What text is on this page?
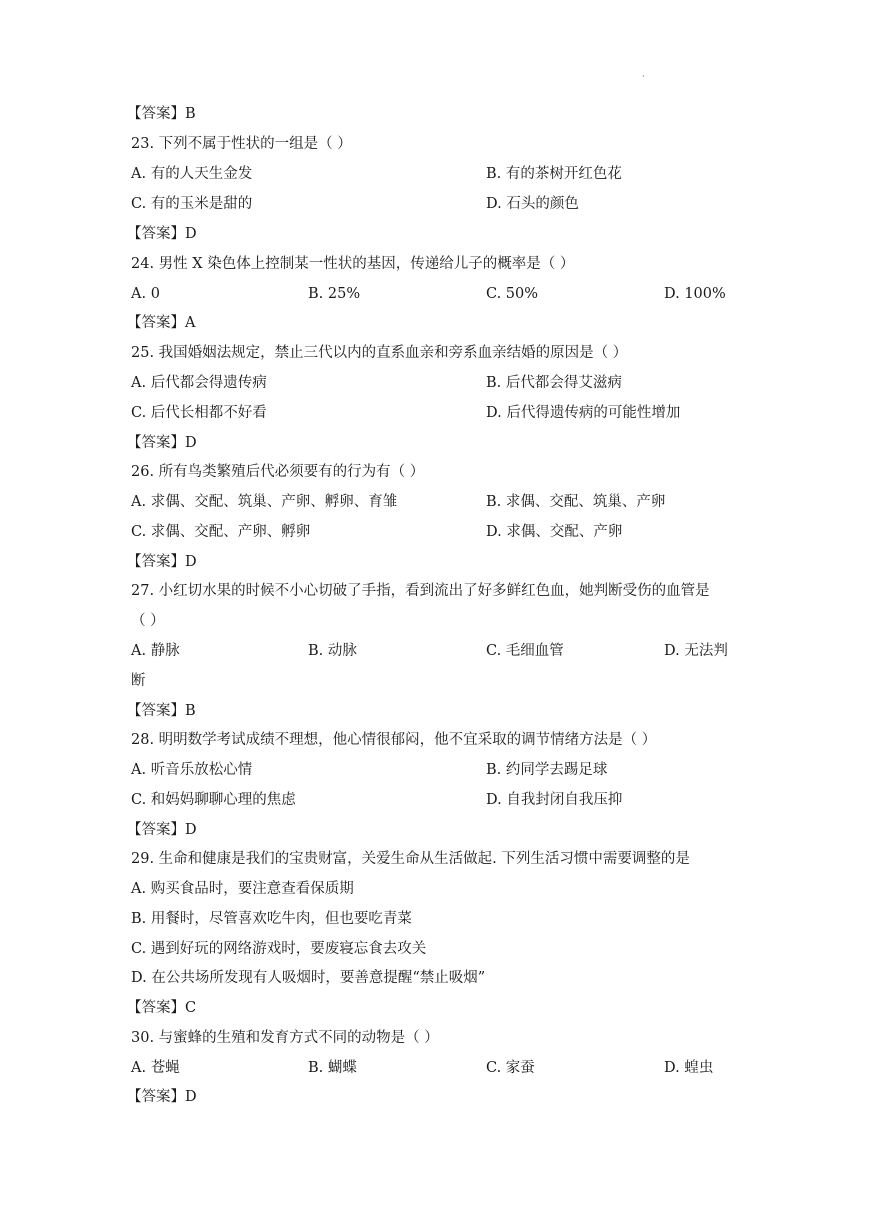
·
【答案】B
23. 下列不属于性状的一组是（ ）
A. 有的人天生金发	B. 有的茶树开红色花
C. 有的玉米是甜的	D. 石头的颜色
【答案】D
24. 男性 X 染色体上控制某一性状的基因，传递给儿子的概率是（ ）
A. 0	B. 25%	C. 50%	D. 100%
【答案】A
25. 我国婚姻法规定，禁止三代以内的直系血亲和旁系血亲结婚的原因是（ ）
A. 后代都会得遗传病	B. 后代都会得艾滋病
C. 后代长相都不好看	D. 后代得遗传病的可能性增加
【答案】D
26. 所有鸟类繁殖后代必须要有的行为有（ ）
A. 求偶、交配、筑巢、产卵、孵卵、育雏	B. 求偶、交配、筑巢、产卵
C. 求偶、交配、产卵、孵卵	D. 求偶、交配、产卵
【答案】D
27. 小红切水果的时候不小心切破了手指，看到流出了好多鲜红色血，她判断受伤的血管是
（ ）
A. 静脉	B. 动脉	C. 毛细血管	D. 无法判
断
【答案】B
28. 明明数学考试成绩不理想，他心情很郁闷，他不宜采取的调节情绪方法是（ ）
A. 听音乐放松心情	B. 约同学去踢足球
C. 和妈妈聊聊心理的焦虑	D. 自我封闭自我压抑
【答案】D
29. 生命和健康是我们的宝贵财富，关爱生命从生活做起. 下列生活习惯中需要调整的是
A. 购买食品时，要注意查看保质期
B. 用餐时，尽管喜欢吃牛肉，但也要吃青菜
C. 遇到好玩的网络游戏时，要废寝忘食去攻关
D. 在公共场所发现有人吸烟时，要善意提醒“禁止吸烟”
【答案】C
30. 与蜜蜂的生殖和发育方式不同的动物是（ ）
A. 苍蝇	B. 蝴蝶	C. 家蚕	D. 蝗虫
【答案】D
